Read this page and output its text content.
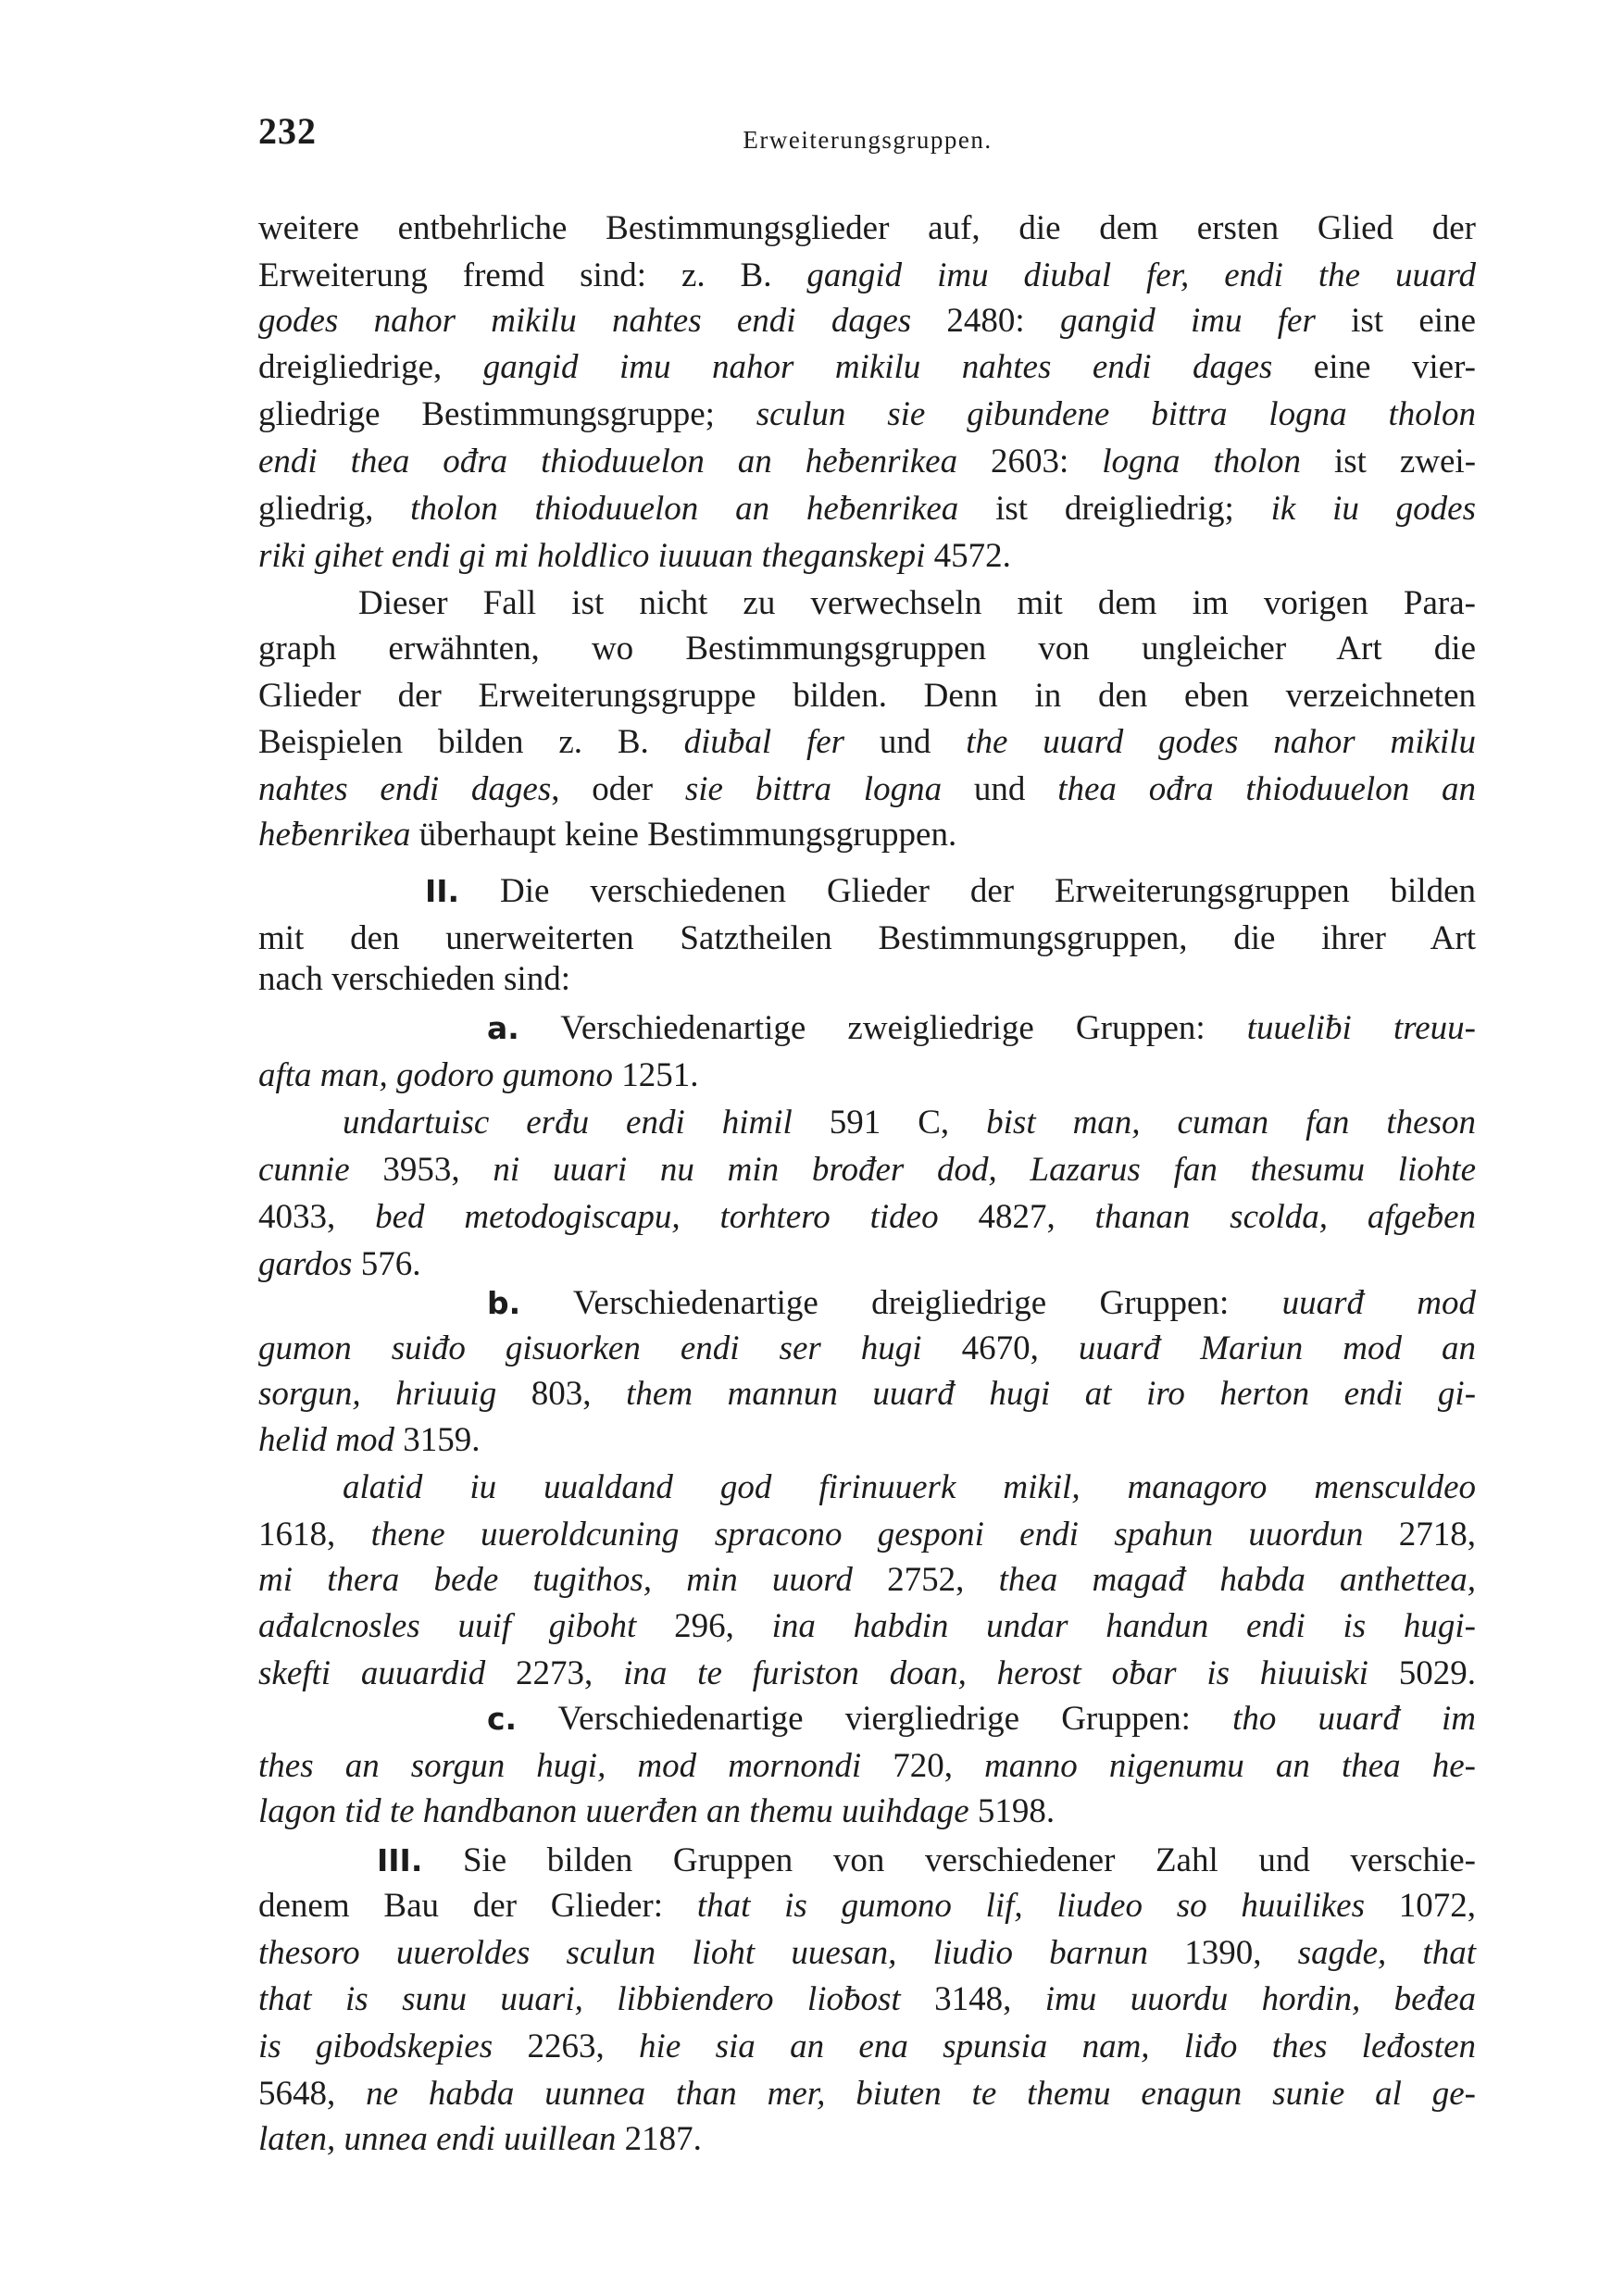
232	Erweiterungsgruppen.
weitere entbehrliche Bestimmungsglieder auf, die dem ersten Glied der
Erweiterung fremd sind: z. B. gangid imu diubal fer, endi the uuard
godes nahor mikilu nahtes endi dages 2480: gangid imu fer ist eine
dreigliedrige, gangid imu nahor mikilu nahtes endi dages eine vier-
gliedrige Bestimmungsgruppe; sculun sie gibundene bittra logna tholon
endi thea ođra thioduuelon an heƀenrikea 2603: logna tholon ist zwei-
gliedrig, tholon thioduuelon an heƀenrikea ist dreigliedrig; ik iu godes
riki gihet endi gi mi holdlico iuuuan theganskepi 4572.
Dieser Fall ist nicht zu verwechseln mit dem im vorigen Para-
graph erwähnten, wo Bestimmungsgruppen von ungleicher Art die
Glieder der Erweiterungsgruppe bilden. Denn in den eben verzeichneten
Beispielen bilden z. B. diuƀal fer und the uuard godes nahor mikilu
nahtes endi dages, oder sie bittra logna und thea ođra thioduuelon an
heƀenrikea überhaupt keine Bestimmungsgruppen.
II. Die verschiedenen Glieder der Erweiterungsgruppen bilden
mit den unerweiterten Satztheilen Bestimmungsgruppen, die ihrer Art
nach verschieden sind:
a. Verschiedenartige zweigliedrige Gruppen: tuueliƀi treuu-
afta man, godoro gumono 1251.
undartuisc erđu endi himil 591 C, bist man, cuman fan theson
cunnie 3953, ni uuari nu min brođer dod, Lazarus fan thesumu liohte
4033, bed metodogiscapu, torhtero tideo 4827, thanan scolda, afgeƀen
gardos 576.
b. Verschiedenartige dreigliedrige Gruppen: uuarđ mod
gumon suiđo gisuorken endi ser hugi 4670, uuarđ Mariun mod an
sorgun, hriuuig 803, them mannun uuarđ hugi at iro herton endi gi-
helid mod 3159.
alatid iu uualdand god firinuuerk mikil, managoro mensculdeo
1618, thene uueroldcuning spracono gesponi endi spahun uuordun 2718,
mi thera bede tugithos, min uuord 2752, thea magađ habda anthettea,
ađalcnosles uuif giboht 296, ina habdin undar handun endi is hugi-
skefti auuardid 2273, ina te furiston doan, herost oƀar is hiuuiski 5029.
c. Verschiedenartige viergliedrige Gruppen: tho uuarđ im
thes an sorgun hugi, mod mornondi 720, manno nigenumu an thea he-
lagon tid te handbanon uuerđen an themu uuihdage 5198.
III. Sie bilden Gruppen von verschiedener Zahl und verschie-
denem Bau der Glieder: that is gumono lif, liudeo so huuilikes 1072,
thesoro uueroldes sculun lioht uuesan, liudio barnun 1390, sagde, that
that is sunu uuari, libbiendero lioƀost 3148, imu uuordu hordin, beđea
is gibodskepies 2263, hie sia an ena spunsia nam, liđo thes leđosten
5648, ne habda uunnea than mer, biuten te themu enagun sunie al ge-
laten, unnea endi uuillean 2187.
